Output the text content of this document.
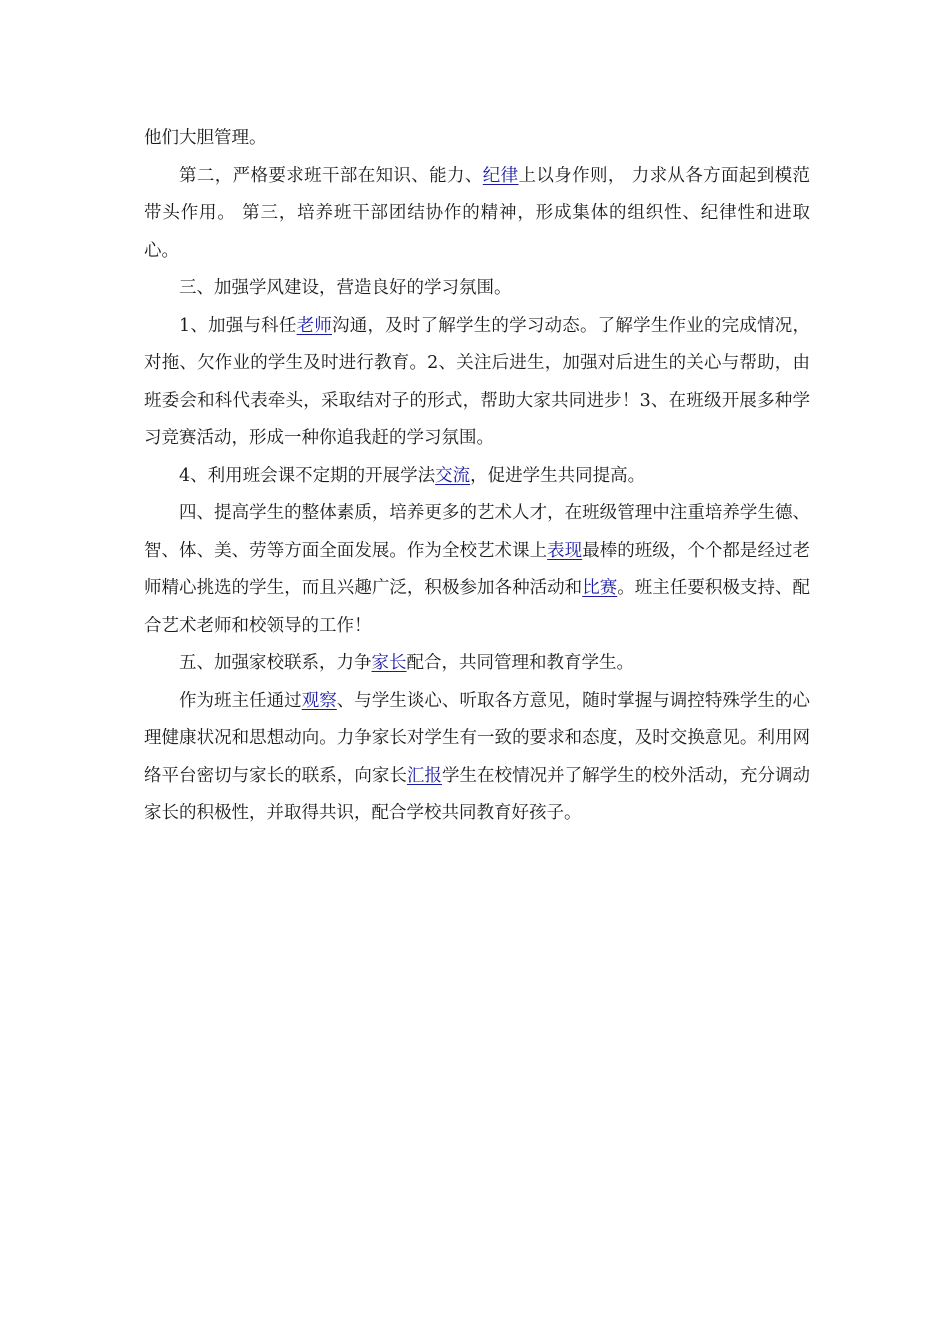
他们大胆管理。

第二，严格要求班干部在知识、能力、纪律上以身作则， 力求从各方面起到模范带头作用。 第三，培养班干部团结协作的精神，形成集体的组织性、纪律性和进取心。

三、加强学风建设，营造良好的学习氛围。

1、加强与科任老师沟通，及时了解学生的学习动态。了解学生作业的完成情况，对拖、欠作业的学生及时进行教育。2、关注后进生，加强对后进生的关心与帮助，由班委会和科代表牵头，采取结对子的形式，帮助大家共同进步！3、在班级开展多种学习竞赛活动，形成一种你追我赶的学习氛围。

4、利用班会课不定期的开展学法交流，促进学生共同提高。

四、提高学生的整体素质，培养更多的艺术人才，在班级管理中注重培养学生德、智、体、美、劳等方面全面发展。作为全校艺术课上表现最棒的班级，个个都是经过老师精心挑选的学生，而且兴趣广泛，积极参加各种活动和比赛。班主任要积极支持、配合艺术老师和校领导的工作！

五、加强家校联系，力争家长配合，共同管理和教育学生。

作为班主任通过观察、与学生谈心、听取各方意见，随时掌握与调控特殊学生的心理健康状况和思想动向。力争家长对学生有一致的要求和态度，及时交换意见。利用网络平台密切与家长的联系，向家长汇报学生在校情况并了解学生的校外活动，充分调动家长的积极性，并取得共识，配合学校共同教育好孩子。
